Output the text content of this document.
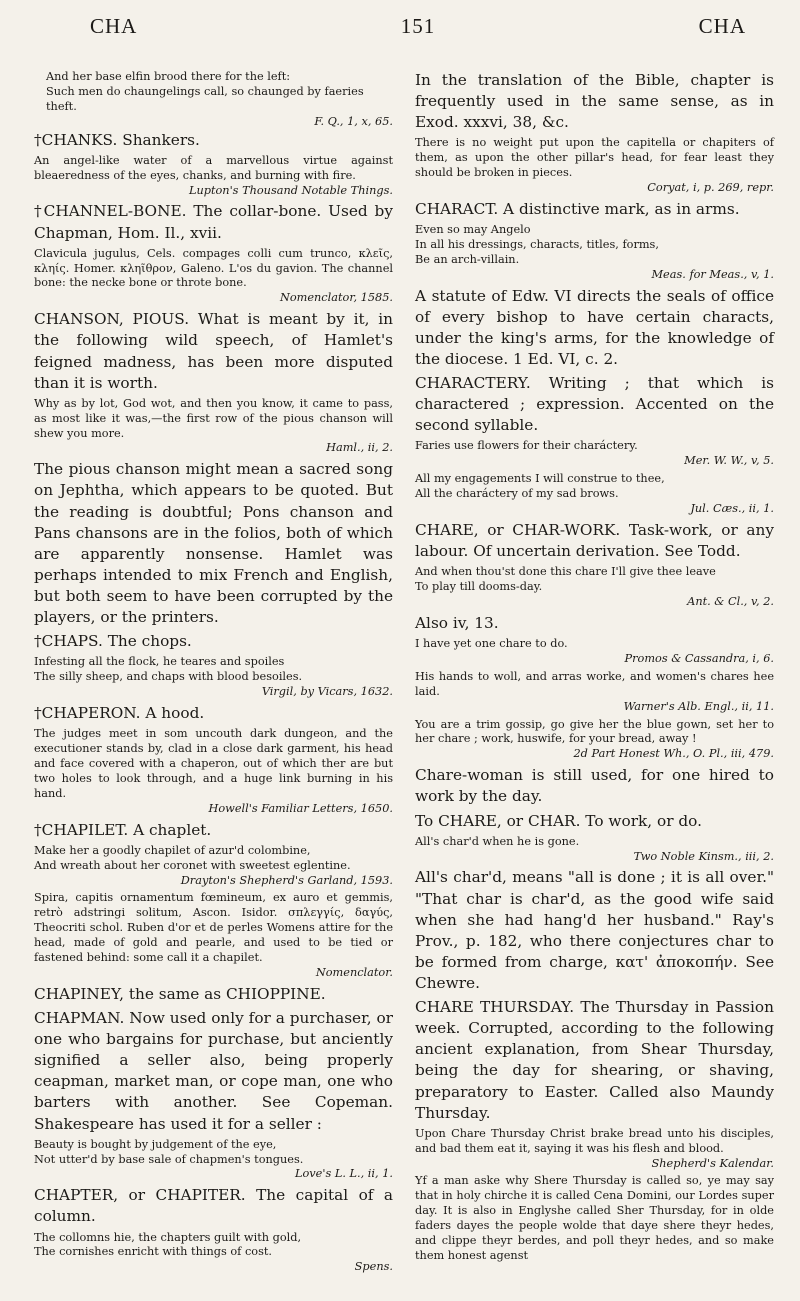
CHA	151	CHA
And her base elfin brood there for the left:
Such men do chaungelings call, so chaunged by faeries theft.
F. Q., 1, x, 65.
†CHANKS. Shankers.
An angel-like water of a marvellous virtue against bleaeredness of the eyes, chanks, and burning with fire.
Lupton's Thousand Notable Things.
†CHANNEL-BONE. The collar-bone. Used by Chapman, Hom. Il., xvii.
Clavicula jugulus, Cels. compages colli cum trunco, κλεῖς, κληίς. Homer. κληῖθρον, Galeno. L'os du gavion. The channel bone: the necke bone or throte bone.
Nomenclator, 1585.
CHANSON, PIOUS. What is meant by it, in the following wild speech, of Hamlet's feigned madness, has been more disputed than it is worth.
Why as by lot, God wot, and then you know, it came to pass, as most like it was,—the first row of the pious chanson will shew you more.
Haml., ii, 2.
The pious chanson might mean a sacred song on Jephtha, which appears to be quoted. But the reading is doubtful; Pons chanson and Pans chansons are in the folios, both of which are apparently nonsense. Hamlet was perhaps intended to mix French and English, but both seem to have been corrupted by the players, or the printers.
†CHAPS. The chops.
Infesting all the flock, he teares and spoiles
The silly sheep, and chaps with blood besoiles.
Virgil, by Vicars, 1632.
†CHAPERON. A hood.
The judges meet in som uncouth dark dungeon, and the executioner stands by, clad in a close dark garment, his head and face covered with a chaperon, out of which ther are but two holes to look through, and a huge link burning in his hand.
Howell's Familiar Letters, 1650.
†CHAPILET. A chaplet.
Make her a goodly chapilet of azur'd colombine,
And wreath about her coronet with sweetest eglentine.
Drayton's Shepherd's Garland, 1593.
Spira, capitis ornamentum fœmineum, ex auro et gemmis, retrò adstringi solitum, Ascon. Isidor. σπλεγγίς, δαγύς, Theocriti schol. Ruben d'or et de perles Womens attire for the head, made of gold and pearle, and used to be tied or fastened behind: some call it a chapilet.
Nomenclator.
CHAPINEY, the same as CHIOPPINE.
CHAPMAN. Now used only for a purchaser, or one who bargains for purchase, but anciently signified a seller also, being properly ceapman, market man, or cope man, one who barters with another. See Copeman. Shakespeare has used it for a seller :
Beauty is bought by judgement of the eye,
Not utter'd by base sale of chapmen's tongues.
Love's L. L., ii, 1.
CHAPTER, or CHAPITER. The capital of a column.
The collomns hie, the chapters guilt with gold,
The cornishes enricht with things of cost.
Spens.
In the translation of the Bible, chapter is frequently used in the same sense, as in Exod. xxxvi, 38, &c.
There is no weight put upon the capitella or chapiters of them, as upon the other pillar's head, for fear least they should be broken in pieces.
Coryat, i, p. 269, repr.
CHARACT. A distinctive mark, as in arms.
Even so may Angelo
In all his dressings, characts, titles, forms,
Be an arch-villain.
Meas. for Meas., v, 1.
A statute of Edw. VI directs the seals of office of every bishop to have certain characts, under the king's arms, for the knowledge of the diocese. 1 Ed. VI, c. 2.
CHARACTERY. Writing ; that which is charactered ; expression. Accented on the second syllable.
Faries use flowers for their charáctery.
Mer. W. W., v, 5.
All my engagements I will construe to thee,
All the charáctery of my sad brows.
Jul. Cæs., ii, 1.
CHARE, or CHAR-WORK. Task-work, or any labour. Of uncertain derivation. See Todd.
And when thou'st done this chare I'll give thee leave
To play till dooms-day.
Ant. & Cl., v, 2.
Also iv, 13.
I have yet one chare to do.
Promos & Cassandra, i, 6.
His hands to woll, and arras worke, and women's chares hee laid.
Warner's Alb. Engl., ii, 11.
You are a trim gossip, go give her the blue gown, set her to her chare ; work, huswife, for your bread, away !
2d Part Honest Wh., O. Pl., iii, 479.
Chare-woman is still used, for one hired to work by the day.
To CHARE, or CHAR. To work, or do.
All's char'd when he is gone.
Two Noble Kinsm., iii, 2.
All's char'd, means "all is done ; it is all over." "That char is char'd, as the good wife said when she had hang'd her husband." Ray's Prov., p. 182, who there conjectures char to be formed from charge, κατ' ἀποκοπήν. See Chewre.
CHARE THURSDAY. The Thursday in Passion week. Corrupted, according to the following ancient explanation, from Shear Thursday, being the day for shearing, or shaving, preparatory to Easter. Called also Maundy Thursday.
Upon Chare Thursday Christ brake bread unto his disciples, and bad them eat it, saying it was his flesh and blood.
Shepherd's Kalendar.
Yf a man aske why Shere Thursday is called so, ye may say that in holy chirche it is called Cena Domini, our Lordes super day. It is also in Englyshe called Sher Thursday, for in olde faders dayes the people wolde that daye shere theyr hedes, and clippe theyr berdes, and poll theyr hedes, and so make them honest agenst
